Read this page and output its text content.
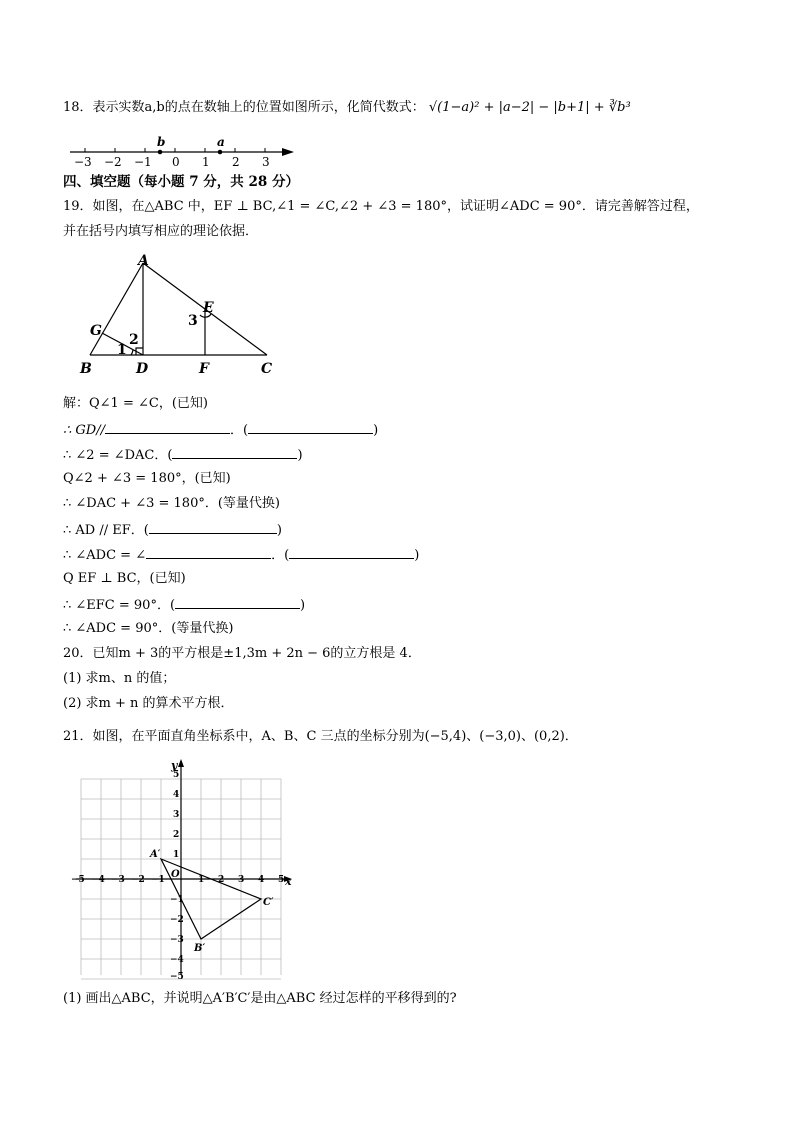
18．表示实数a,b的点在数轴上的位置如图所示，化简代数式： √(1−a)² + |a−2| − |b+1| + ∛b³
b	a
−3 −2 −1 0 1 2 3
四、填空题（每小题 7 分，共 28 分）
19．如图，在△ABC 中，EF ⊥ BC,∠1 = ∠C,∠2 + ∠3 = 180°，试证明∠ADC = 90°．请完善解答过程，
并在括号内填写相应的理论依据．
A
B	C
D
E
F
G
1
2
3
解：Q∠1 = ∠C，(已知)
∴ GD//	．(	)
∴ ∠2 = ∠DAC．(	)
Q∠2 + ∠3 = 180°，(已知)
∴ ∠DAC + ∠3 = 180°．(等量代换)
∴ AD // EF．(	)
∴ ∠ADC = ∠	．(	)
Q EF ⊥ BC，(已知)
∴ ∠EFC = 90°．(	)
∴ ∠ADC = 90°．(等量代换)
20．已知m + 3的平方根是±1,3m + 2n − 6的立方根是 4．
(1) 求m、n 的值；
(2) 求m + n 的算术平方根．
21．如图，在平面直角坐标系中，A、B、C 三点的坐标分别为(−5,4)、(−3,0)、(0,2)．
−5 −4 −3 −2 −1	1 2 3 4 5
5
4
3
2
1
−1
−2
−3
−4
−5
x
y
O
A′
B′
C′
(1) 画出△ABC，并说明△A′B′C′是由△ABC 经过怎样的平移得到的?
